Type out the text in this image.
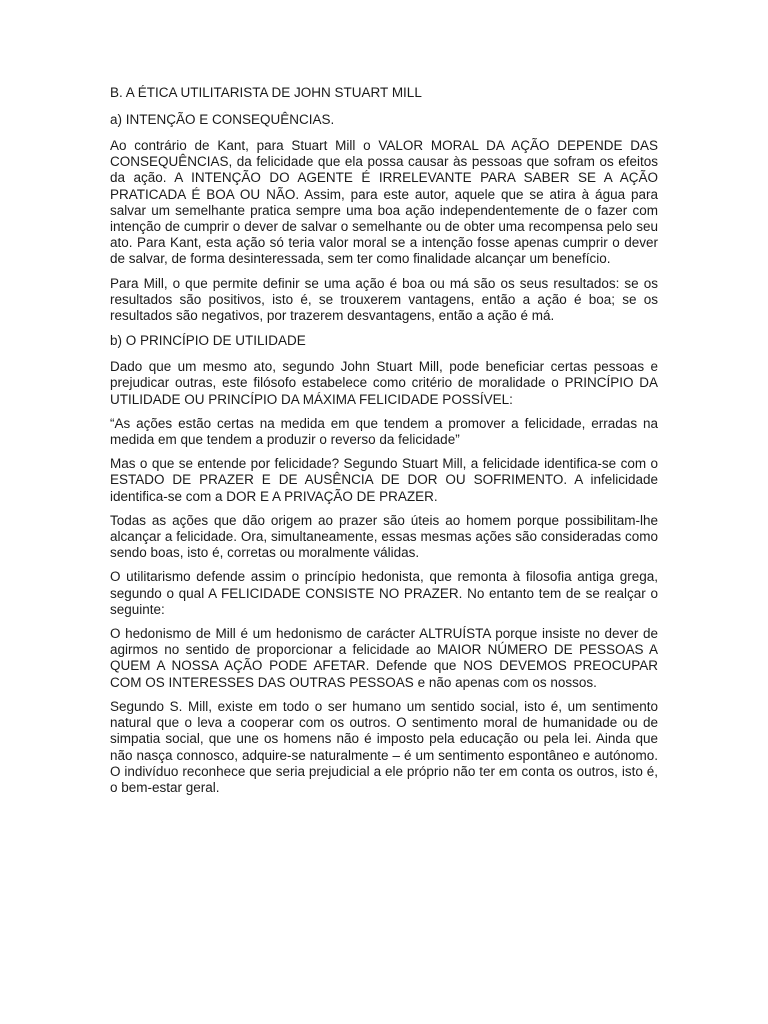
B. A ÉTICA UTILITARISTA DE JOHN STUART MILL
a) INTENÇÃO E CONSEQUÊNCIAS.

Ao contrário de Kant, para Stuart Mill o VALOR MORAL DA AÇÃO DEPENDE DAS CONSEQUÊNCIAS, da felicidade que ela possa causar às pessoas que sofram os efeitos da ação. A INTENÇÃO DO AGENTE É IRRELEVANTE PARA SABER SE A AÇÃO PRATICADA É BOA OU NÃO. Assim, para este autor, aquele que se atira à água para salvar um semelhante pratica sempre uma boa ação independentemente de o fazer com intenção de cumprir o dever de salvar o semelhante ou de obter uma recompensa pelo seu ato. Para Kant, esta ação só teria valor moral se a intenção fosse apenas cumprir o dever de salvar, de forma desinteressada, sem ter como finalidade alcançar um benefício.

Para Mill, o que permite definir se uma ação é boa ou má são os seus resultados: se os resultados são positivos, isto é, se trouxerem vantagens, então a ação é boa; se os resultados são negativos, por trazerem desvantagens, então a ação é má.

b) O PRINCÍPIO DE UTILIDADE

Dado que um mesmo ato, segundo John Stuart Mill, pode beneficiar certas pessoas e prejudicar outras, este filósofo estabelece como critério de moralidade o PRINCÍPIO DA UTILIDADE OU PRINCÍPIO DA MÁXIMA FELICIDADE POSSÍVEL:

“As ações estão certas na medida em que tendem a promover a felicidade, erradas na medida em que tendem a produzir o reverso da felicidade”

Mas o que se entende por felicidade? Segundo Stuart Mill, a felicidade identifica-se com o ESTADO DE PRAZER E DE AUSÊNCIA DE DOR OU SOFRIMENTO. A infelicidade identifica-se com a DOR E A PRIVAÇÃO DE PRAZER.

Todas as ações que dão origem ao prazer são úteis ao homem porque possibilitam-lhe alcançar a felicidade. Ora, simultaneamente, essas mesmas ações são consideradas como sendo boas, isto é, corretas ou moralmente válidas.

O utilitarismo defende assim o princípio hedonista, que remonta à filosofia antiga grega, segundo o qual A FELICIDADE CONSISTE NO PRAZER. No entanto tem de se realçar o seguinte:

O hedonismo de Mill é um hedonismo de carácter ALTRUÍSTA porque insiste no dever de agirmos no sentido de proporcionar a felicidade ao MAIOR NÚMERO DE PESSOAS A QUEM A NOSSA AÇÃO PODE AFETAR. Defende que NOS DEVEMOS PREOCUPAR COM OS INTERESSES DAS OUTRAS PESSOAS e não apenas com os nossos.

Segundo S. Mill, existe em todo o ser humano um sentido social, isto é, um sentimento natural que o leva a cooperar com os outros. O sentimento moral de humanidade ou de simpatia social, que une os homens não é imposto pela educação ou pela lei. Ainda que não nasça connosco, adquire-se naturalmente – é um sentimento espontâneo e autónomo. O indivíduo reconhece que seria prejudicial a ele próprio não ter em conta os outros, isto é, o bem-estar geral.
